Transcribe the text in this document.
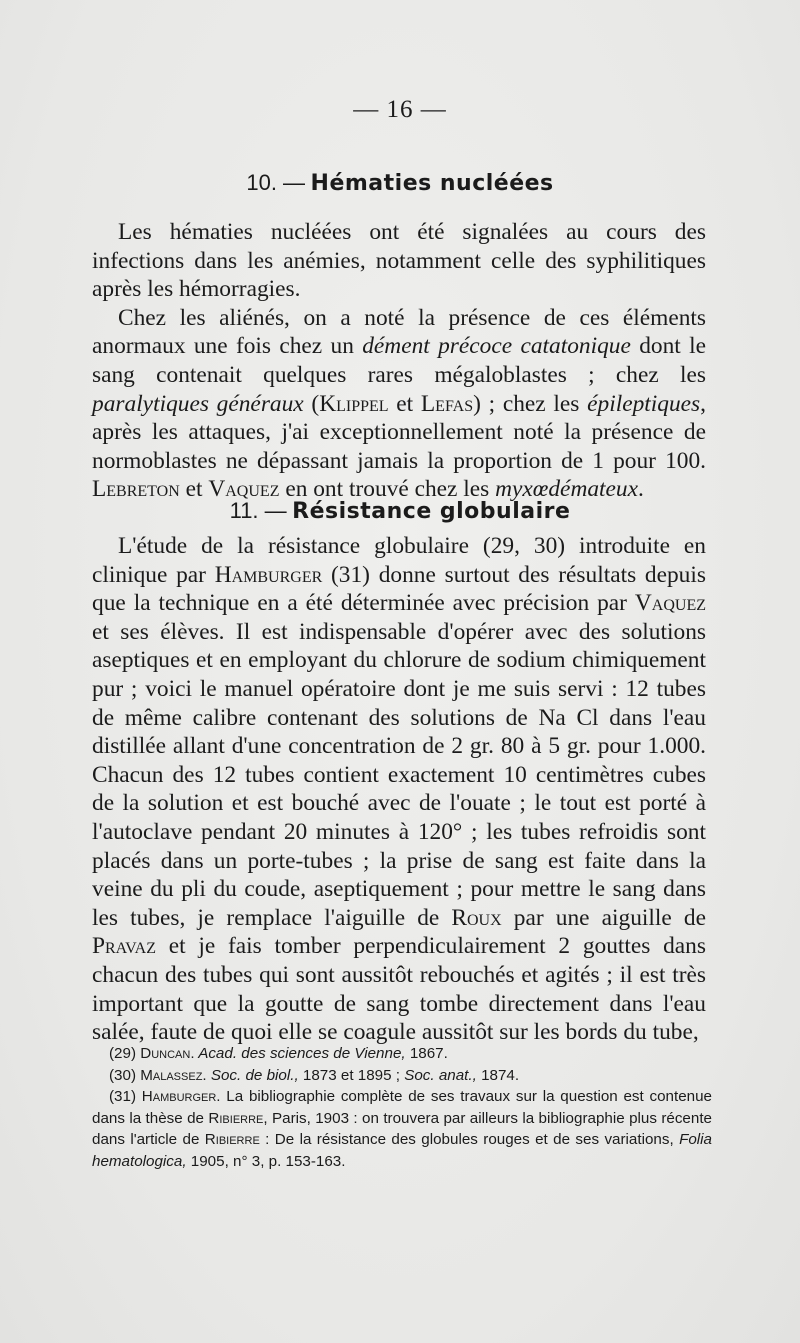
— 16 —
10. — Hématies nucléées

Les hématies nucléées ont été signalées au cours des infections dans les anémies, notamment celle des syphilitiques après les hémorragies.

Chez les aliénés, on a noté la présence de ces éléments anormaux une fois chez un dément précoce catatonique dont le sang contenait quelques rares mégaloblastes ; chez les paralytiques généraux (Klippel et Lefas) ; chez les épileptiques, après les attaques, j'ai exceptionnellement noté la présence de normoblastes ne dépassant jamais la proportion de 1 pour 100. Lebreton et Vaquez en ont trouvé chez les myxœdémateux.

11. — Résistance globulaire

L'étude de la résistance globulaire (29, 30) introduite en clinique par Hamburger (31) donne surtout des résultats depuis que la technique en a été déterminée avec précision par Vaquez et ses élèves. Il est indispensable d'opérer avec des solutions aseptiques et en employant du chlorure de sodium chimiquement pur ; voici le manuel opératoire dont je me suis servi : 12 tubes de même calibre contenant des solutions de Na Cl dans l'eau distillée allant d'une concentration de 2 gr. 80 à 5 gr. pour 1.000. Chacun des 12 tubes contient exactement 10 centimètres cubes de la solution et est bouché avec de l'ouate ; le tout est porté à l'autoclave pendant 20 minutes à 120° ; les tubes refroidis sont placés dans un porte-tubes ; la prise de sang est faite dans la veine du pli du coude, aseptiquement ; pour mettre le sang dans les tubes, je remplace l'aiguille de Roux par une aiguille de Pravaz et je fais tomber perpendiculairement 2 gouttes dans chacun des tubes qui sont aussitôt rebouchés et agités ; il est très important que la goutte de sang tombe directement dans l'eau salée, faute de quoi elle se coagule aussitôt sur les bords du tube,

(29) Duncan. Acad. des sciences de Vienne, 1867.

(30) Malassez. Soc. de biol., 1873 et 1895 ; Soc. anat., 1874.

(31) Hamburger. La bibliographie complète de ses travaux sur la question est contenue dans la thèse de Ribierre, Paris, 1903 : on trouvera par ailleurs la bibliographie plus récente dans l'article de Ribierre : De la résistance des globules rouges et de ses variations, Folia hematologica, 1905, n° 3, p. 153-163.
